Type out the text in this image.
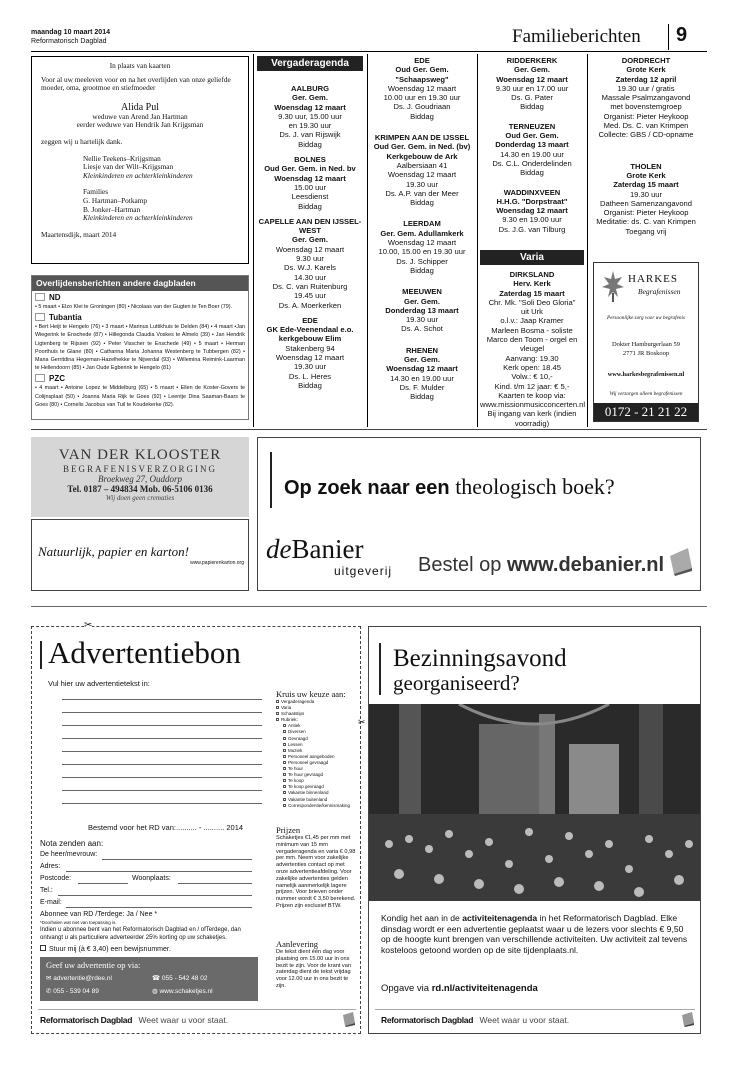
maandag 10 maart 2014
Reformatorisch Dagblad	Familieberichten	9

In plaats van kaarten

Voor al uw meeleven voor en na het overlijden van onze geliefde moeder, oma, grootmoe en stiefmoeder

Alida Pul

weduwe van Arend Jan Hartman

eerder weduwe van Hendrik Jan Krijgsman

zeggen wij u hartelijk dank.

Nellie Teekens–Krijgsman

Liesje van der Wilt–Krijgsman

Kleinkinderen en achterkleinkinderen

Families

G. Hartman–Potkamp

B. Jonker–Hartman

Kleinkinderen en achterkleinkinderen

Maartensdijk, maart 2014

Overlijdensberichten andere dagbladen
ND
• 5 maart • Elzo Klei te Groningen (80) • Nicolaas van der Gugten te Ten Boer (79).
Tubantia
• Bert Heijt te Hengelo (76) • 3 maart • Marinus Luttikhuis te Delden (84) • 4 maart •Jan Wiegerink te Enschede (87) • Hillegonda Claudia Voskes te Almelo (39) • Jan Hendrik Ligtenberg te Rijssen (92) • Peter Visscher te Enschede (49) • 5 maart • Herman Poorthuis te Glane (80) • Catharina Maria Johanna Westenberg te Tubbergen (82) • Maria Gerritdina Hegeman-Hazelhekke te Nijverdal (93) • Willemina Reimink-Laarman te Hellendoorn (85) • Jan Oude Egberink te Hengelo (81)
PZC
• 4 maart • Antoine Lopez te Middelburg (65) • 5 maart • Ellen de Koster-Govers te Colijnsplaat (50) • Joanna Maria Rijk te Goes (92) • Leentje Dina Saaman-Baars te Goes (80) • Cornelis Jacobus van Tuil te Koudekerke (82).
Vergaderagenda
AALBURG
Ger. Gem.
Woensdag 12 maart
9.30 uur, 15.00 uur
en 19.30 uur
Ds. J. van Rijswijk
Biddag
BOLNES
Oud Ger. Gem. in Ned. bv
Woensdag 12 maart
15.00 uur
Leesdienst
Biddag
CAPELLE AAN DEN IJSSEL-WEST
Ger. Gem.
Woensdag 12 maart
9.30 uur
Ds. W.J. Karels
14.30 uur
Ds. C. van Ruitenburg
19.45 uur
Ds. A. Moerkerken
EDE
GK Ede-Veenendaal e.o. kerkgebouw Elim
Stakenberg 94
Woensdag 12 maart
19.30 uur
Ds. L. Heres
Biddag
EDE
Oud Ger. Gem. "Schaapsweg"
Woensdag 12 maart
10.00 uur en 19.30 uur
Ds. J. Goudriaan
Biddag
KRIMPEN AAN DE IJSSEL
Oud Ger. Gem. in Ned. (bv) Kerkgebouw de Ark
Aalbersiaan 41
Woensdag 12 maart
19.30 uur
Ds. A.P. van der Meer
Biddag
LEERDAM
Ger. Gem. Adullamkerk
Woensdag 12 maart
10.00, 15.00 en 19.30 uur
Ds. J. Schipper
Biddag
MEEUWEN
Ger. Gem.
Donderdag 13 maart
19.30 uur
Ds. A. Schot
RHENEN
Ger. Gem.
Woensdag 12 maart
14.30 en 19.00 uur
Ds. F. Mulder
Biddag
RIDDERKERK
Ger. Gem.
Woensdag 12 maart
9.30 uur en 17.00 uur
Ds. G. Pater
Biddag
TERNEUZEN
Oud Ger. Gem.
Donderdag 13 maart
14.30 en 19.00 uur
Ds. C.L. Onderdelinden
Biddag
WADDINXVEEN
H.H.G. "Dorpstraat"
Woensdag 12 maart
9.30 en 19.00 uur
Ds. J.G. van Tilburg
DORDRECHT
Grote Kerk
Zaterdag 12 april
19.30 uur / gratis
Massale Psalmzangavond
met bovenstemgroep
Organist: Pieter Heykoop
Med. Ds. C. van Krimpen
Collecte: GBS / CD-opname
THOLEN
Grote Kerk
Zaterdag 15 maart
19.30 uur
Datheen Samenzangavond
Organist: Pieter Heykoop
Meditatie: ds. C. van Krimpen
Toegang vrij
Varia
DIRKSLAND
Herv. Kerk
Zaterdag 15 maart
Chr. Mk. "Soli Deo Gloria"
uit Urk
o.l.v.: Jaap Kramer
Marleen Bosma - soliste
Marco den Toom - orgel en
vleugel
Aanvang: 19.30
Kerk open: 18.45
Volw.: € 10,-
Kind. t/m 12 jaar: € 5,-
Kaarten te koop via:
www.missionmusicconcerten.nl
Bij ingang van kerk (indien
voorradig)
HARKES
Begrafenissen
Persoonlijke zorg voor uw begrafenis
Dokter Hamburgerlaan 59
2771 JR Boskoop
www.harkesbegrafenissen.nl
Wij verzorgen alleen begrafenissen
0172 - 21 21 22
VAN DER KLOOSTER
BEGRAFENISVERZORGING
Broekweg 27, Ouddorp
Tel. 0187 – 494834 Mob. 06-5106 0136
Wij doen geen crematies
Natuurlijk, papier en karton!
www.papierenkarton.org
Op zoek naar een theologisch boek?
deBanier
uitgeverij Bestel op www.debanier.nl
✂
Advertentiebon
Vul hier uw advertentietekst in:
Kruis uw keuze aan:
Vergaderagenda
Varia
Schaatstips
Rubriek:
Antiek
Diversen
Gevraagd
Lessen
Muziek
Personeel aangeboden
Personeel gevraagd
Te huur
Te huur gevraagd
Te koop
Te koop gevraagd
Vakantie binnenland
Vakantie buitenland
Correspondentie/kennismaking
✂
Bestemd voor het RD van:.......... - .......... 2014
Nota zenden aan:
De heer/mevrouw:
Adres:
Postcode:	Woonplaats:
Tel.:
E-mail:
Abonnee van RD /Terdege: Ja / Nee *
*Doorhalen wat niet van toepassing is.
Indien u abonnee bent van het Reformatorisch Dagblad en / ofTerdege, dan ontvangt u als particuliere adverteerder 25% korting op uw schaketjes.
Stuur mij (à € 3,40) een bewijsnummer.
Prijzen
Schaketjes €1,45 per mm met minimum van 15 mm vergaderagenda en varia € 0,98 per mm. Neem voor zakelijke advertenties contact op met onze advertentieafdeling. Voor zakelijke advertenties gelden namelijk aanmerkelijk lagere prijzen. Voor brieven onder nummer wordt € 3,50 berekend. Prijzen zijn exclusief BTW.
Aanlevering
De tekst dient één dag voor plaatsing om 15.00 uur in ons bezit te zijn. Voor de krant van zaterdag dient de tekst vrijdag voor 12.00 uur in ons bezit te zijn.
Geef uw advertentie op via:
✉ advertentie@rdee.nl	☎ 055 - 542 48 02
✆ 055 - 539 04 89	◍ www.schaketjes.nl
Reformatorisch Dagblad Weet waar u voor staat.
Bezinningsavond
georganiseerd?
Kondig het aan in de activiteitenagenda in het Reformatorisch Dagblad. Elke dinsdag wordt er een advertentie geplaatst waar u de lezers voor slechts € 9,50 op de hoogte kunt brengen van verschillende activiteiten. Uw activiteit zal tevens kosteloos getoond worden op de site tijdenplaats.nl.
Opgave via rd.nl/activiteitenagenda
Reformatorisch Dagblad Weet waar u voor staat.
